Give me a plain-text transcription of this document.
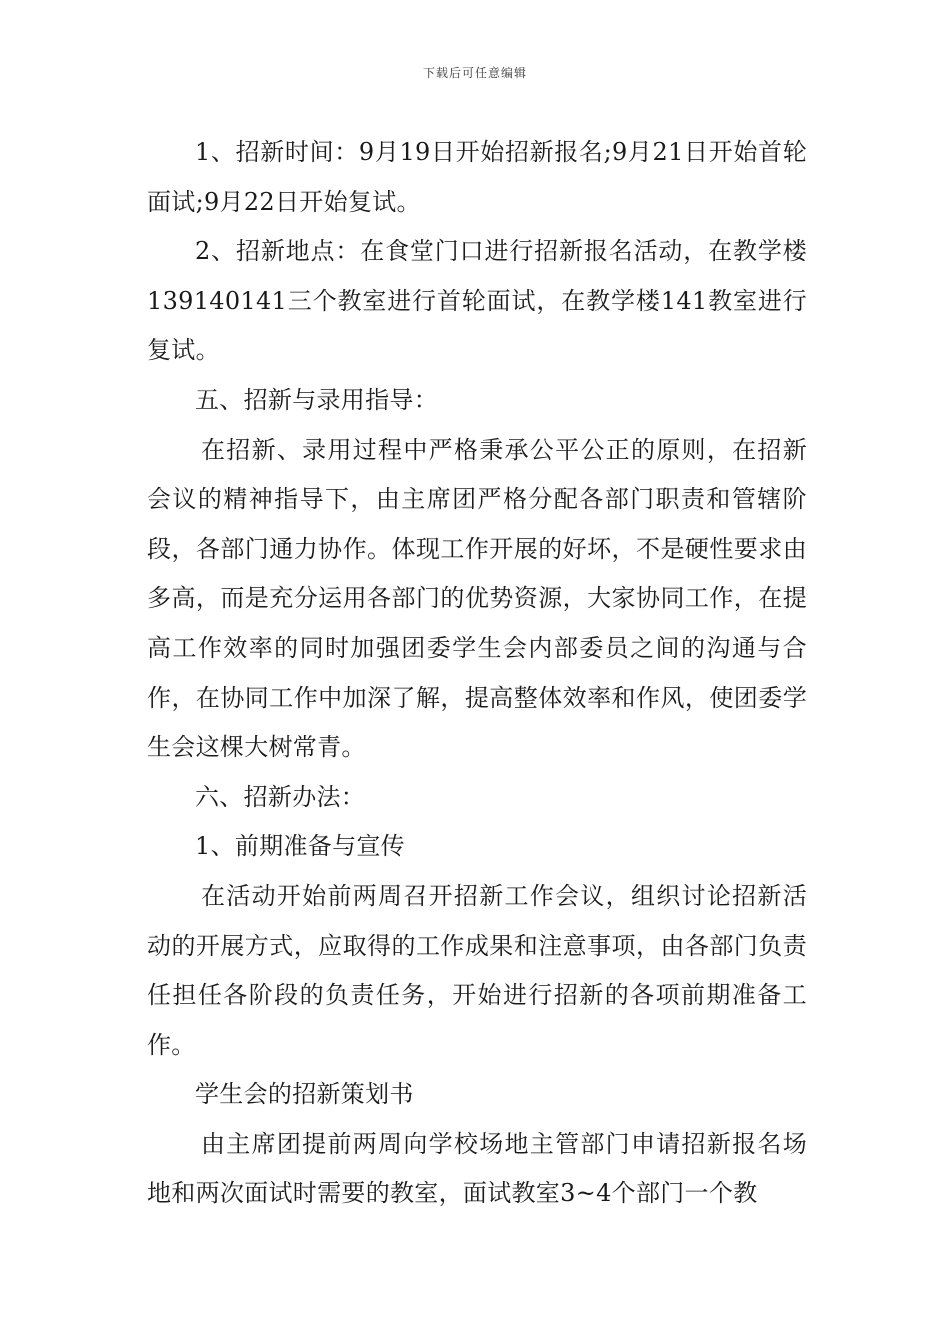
下载后可任意编辑

1、招新时间：9月19日开始招新报名;9月21日开始首轮面试;9月22日开始复试。

2、招新地点：在食堂门口进行招新报名活动，在教学楼139140141三个教室进行首轮面试，在教学楼141教室进行复试。

五、招新与录用指导：

在招新、录用过程中严格秉承公平公正的原则，在招新会议的精神指导下，由主席团严格分配各部门职责和管辖阶段，各部门通力协作。体现工作开展的好坏，不是硬性要求由多高，而是充分运用各部门的优势资源，大家协同工作，在提高工作效率的同时加强团委学生会内部委员之间的沟通与合作，在协同工作中加深了解，提高整体效率和作风，使团委学生会这棵大树常青。

六、招新办法：

1、前期准备与宣传

在活动开始前两周召开招新工作会议，组织讨论招新活动的开展方式，应取得的工作成果和注意事项，由各部门负责任担任各阶段的负责任务，开始进行招新的各项前期准备工作。

学生会的招新策划书

由主席团提前两周向学校场地主管部门申请招新报名场地和两次面试时需要的教室，面试教室3~4个部门一个教
